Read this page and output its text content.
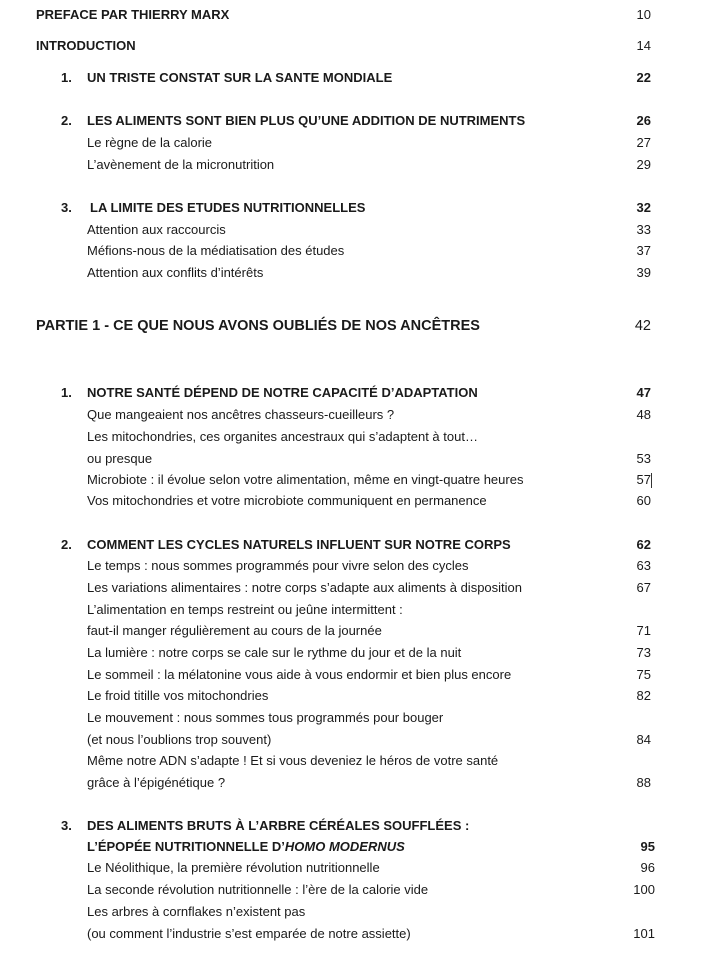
PREFACE PAR THIERRY MARX	10
INTRODUCTION	14
1. UN TRISTE CONSTAT SUR LA SANTE MONDIALE	22
2. LES ALIMENTS SONT BIEN PLUS QU’UNE ADDITION DE NUTRIMENTS	26
Le règne de la calorie	27
L’avènement de la micronutrition	29
3. LA LIMITE DES ETUDES NUTRITIONNELLES	32
Attention aux raccourcis	33
Méfions-nous de la médiatisation des études	37
Attention aux conflits d’intérêts	39
PARTIE 1 - CE QUE NOUS AVONS OUBLIÉS DE NOS ANCÊTRES	42
1. NOTRE SANTÉ DÉPEND DE NOTRE CAPACITÉ D’ADAPTATION	47
Que mangeaient nos ancêtres chasseurs-cueilleurs ?	48
Les mitochondries, ces organites ancestraux qui s’adaptent à tout…
ou presque	53
Microbiote : il évolue selon votre alimentation, même en vingt-quatre heures	57
Vos mitochondries et votre microbiote communiquent en permanence	60
2. COMMENT LES CYCLES NATURELS INFLUENT SUR NOTRE CORPS	62
Le temps : nous sommes programmés pour vivre selon des cycles	63
Les variations alimentaires : notre corps s’adapte aux aliments à disposition	67
L’alimentation en temps restreint ou jeûne intermittent :
faut-il manger régulièrement au cours de la journée	71
La lumière : notre corps se cale sur le rythme du jour et de la nuit	73
Le sommeil : la mélatonine vous aide à vous endormir et bien plus encore	75
Le froid titille vos mitochondries	82
Le mouvement : nous sommes tous programmés pour bouger
(et nous l’oublions trop souvent)	84
Même notre ADN s’adapte ! Et si vous deveniez le héros de votre santé
grâce à l’épigénétique ?	88
3. DES ALIMENTS BRUTS À L’ARBRE CÉRÉALES SOUFFLÉES :
L’ÉPOPÉE NUTRITIONNELLE D’HOMO MODERNUS	95
Le Néolithique, la première révolution nutritionnelle	96
La seconde révolution nutritionnelle : l’ère de la calorie vide	100
Les arbres à cornflakes n’existent pas
(ou comment l’industrie s’est emparée de notre assiette)	101
